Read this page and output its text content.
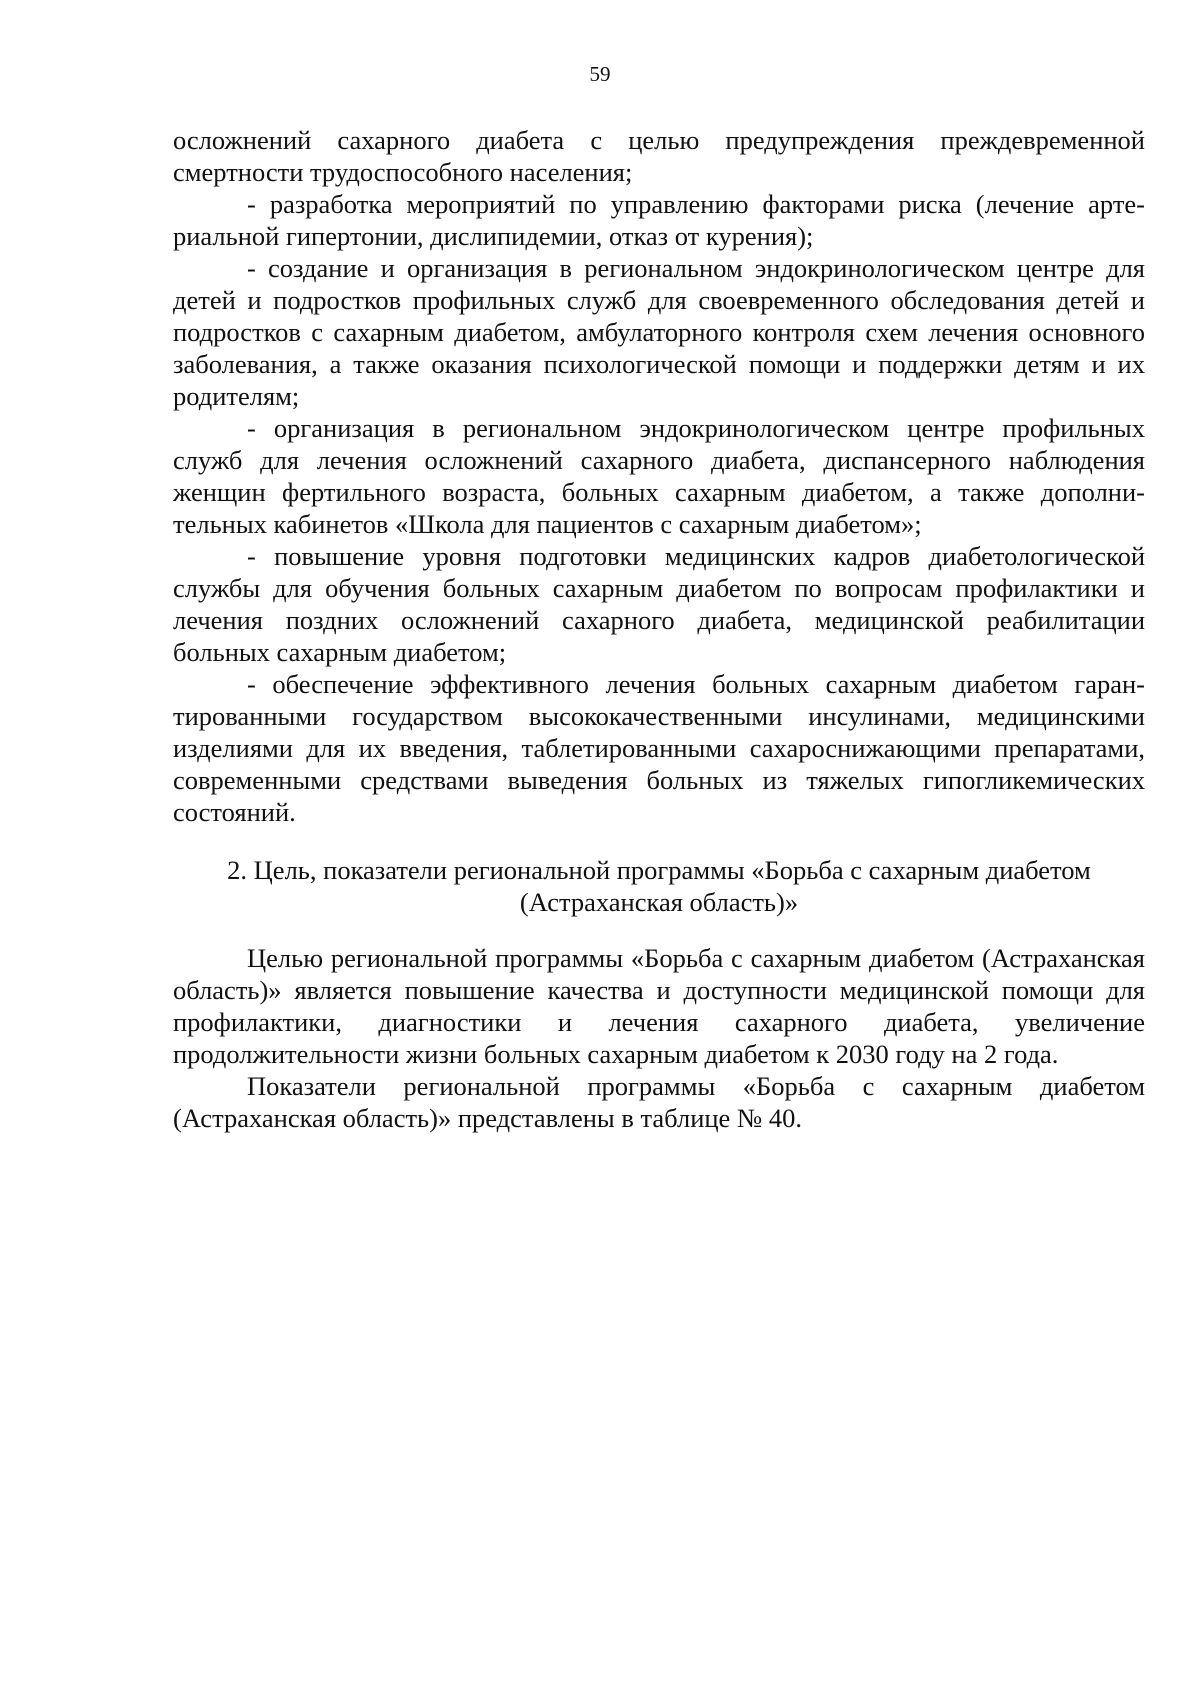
59

осложнений сахарного диабета с целью предупреждения преждевременной смертности трудоспособного населения;

- разработка мероприятий по управлению факторами риска (лечение артериальной гипертонии, дислипидемии, отказ от курения);

- создание и организация в региональном эндокринологическом центре для детей и подростков профильных служб для своевременного обследования детей и подростков с сахарным диабетом, амбулаторного контроля схем лечения основного заболевания, а также оказания психологической помощи и поддержки детям и их родителям;

- организация в региональном эндокринологическом центре профильных служб для лечения осложнений сахарного диабета, диспансерного наблюдения женщин фертильного возраста, больных сахарным диабетом, а также дополнительных кабинетов «Школа для пациентов с сахарным диабетом»;

- повышение уровня подготовки медицинских кадров диабетологической службы для обучения больных сахарным диабетом по вопросам профилактики и лечения поздних осложнений сахарного диабета, медицинской реабилитации больных сахарным диабетом;

- обеспечение эффективного лечения больных сахарным диабетом гарантированными государством высококачественными инсулинами, медицинскими изделиями для их введения, таблетированными сахароснижающими препаратами, современными средствами выведения больных из тяжелых гипогликемических состояний.

2. Цель, показатели региональной программы «Борьба с сахарным диабетом
(Астраханская область)»

Целью региональной программы «Борьба с сахарным диабетом (Астраханская область)» является повышение качества и доступности медицинской помощи для профилактики, диагностики и лечения сахарного диабета, увеличение продолжительности жизни больных сахарным диабетом к 2030 году на 2 года.

Показатели региональной программы «Борьба с сахарным диабетом (Астраханская область)» представлены в таблице № 40.
